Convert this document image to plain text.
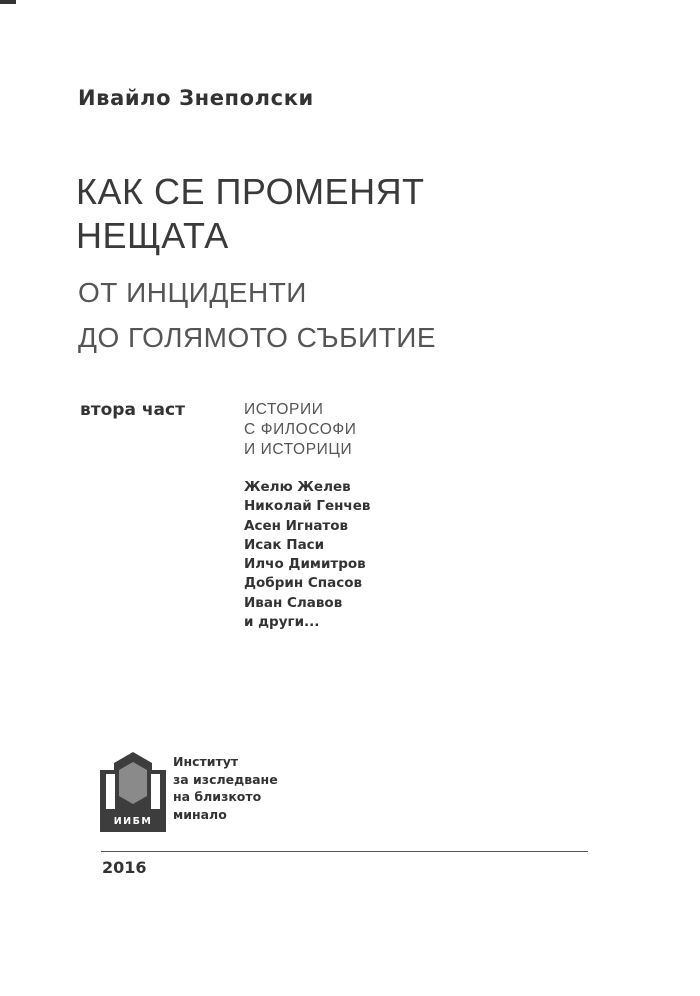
Ивайло Знеполски
КАК СЕ ПРОМЕНЯТ
НЕЩАТА
ОТ ИНЦИДЕНТИ
ДО ГОЛЯМОТО СЪБИТИЕ
втора част	ИСТОРИИ
С ФИЛОСОФИ
И ИСТОРИЦИ
Желю Желев
Николай Генчев
Асен Игнатов
Исак Паси
Илчо Димитров
Добрин Спасов
Иван Славов
и други...
ИИБМ
Институт
за изследване
на близкото
минало
2016
